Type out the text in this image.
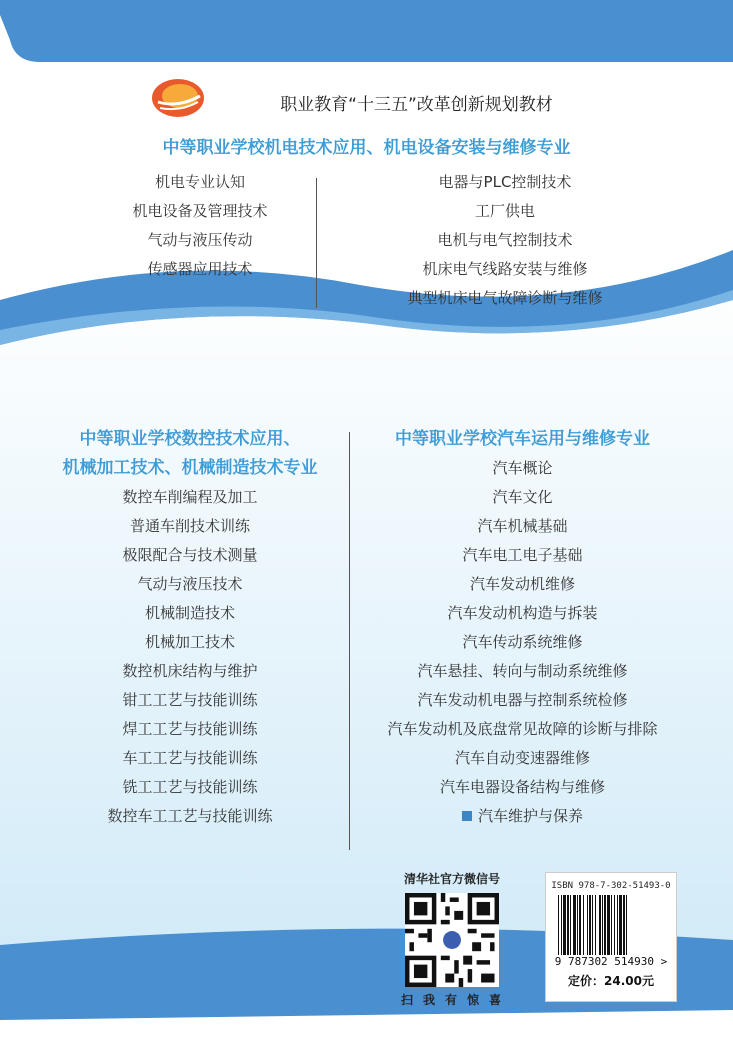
职业教育“十三五”改革创新规划教材
中等职业学校机电技术应用、机电设备安装与维修专业
机电专业认知
机电设备及管理技术
气动与液压传动
传感器应用技术
电器与PLC控制技术
工厂供电
电机与电气控制技术
机床电气线路安装与维修
典型机床电气故障诊断与维修
中等职业学校数控技术应用、
机械加工技术、机械制造技术专业
数控车削编程及加工
普通车削技术训练
极限配合与技术测量
气动与液压技术
机械制造技术
机械加工技术
数控机床结构与维护
钳工工艺与技能训练
焊工工艺与技能训练
车工工艺与技能训练
铣工工艺与技能训练
数控车工工艺与技能训练
中等职业学校汽车运用与维修专业
汽车概论
汽车文化
汽车机械基础
汽车电工电子基础
汽车发动机维修
汽车发动机构造与拆装
汽车传动系统维修
汽车悬挂、转向与制动系统维修
汽车发动机电器与控制系统检修
汽车发动机及底盘常见故障的诊断与排除
汽车自动变速器维修
汽车电器设备结构与维修
汽车维护与保养
清华社官方微信号
扫我有惊喜
ISBN 978-7-302-51493-0
9 787302 514930 >
定价：24.00元
